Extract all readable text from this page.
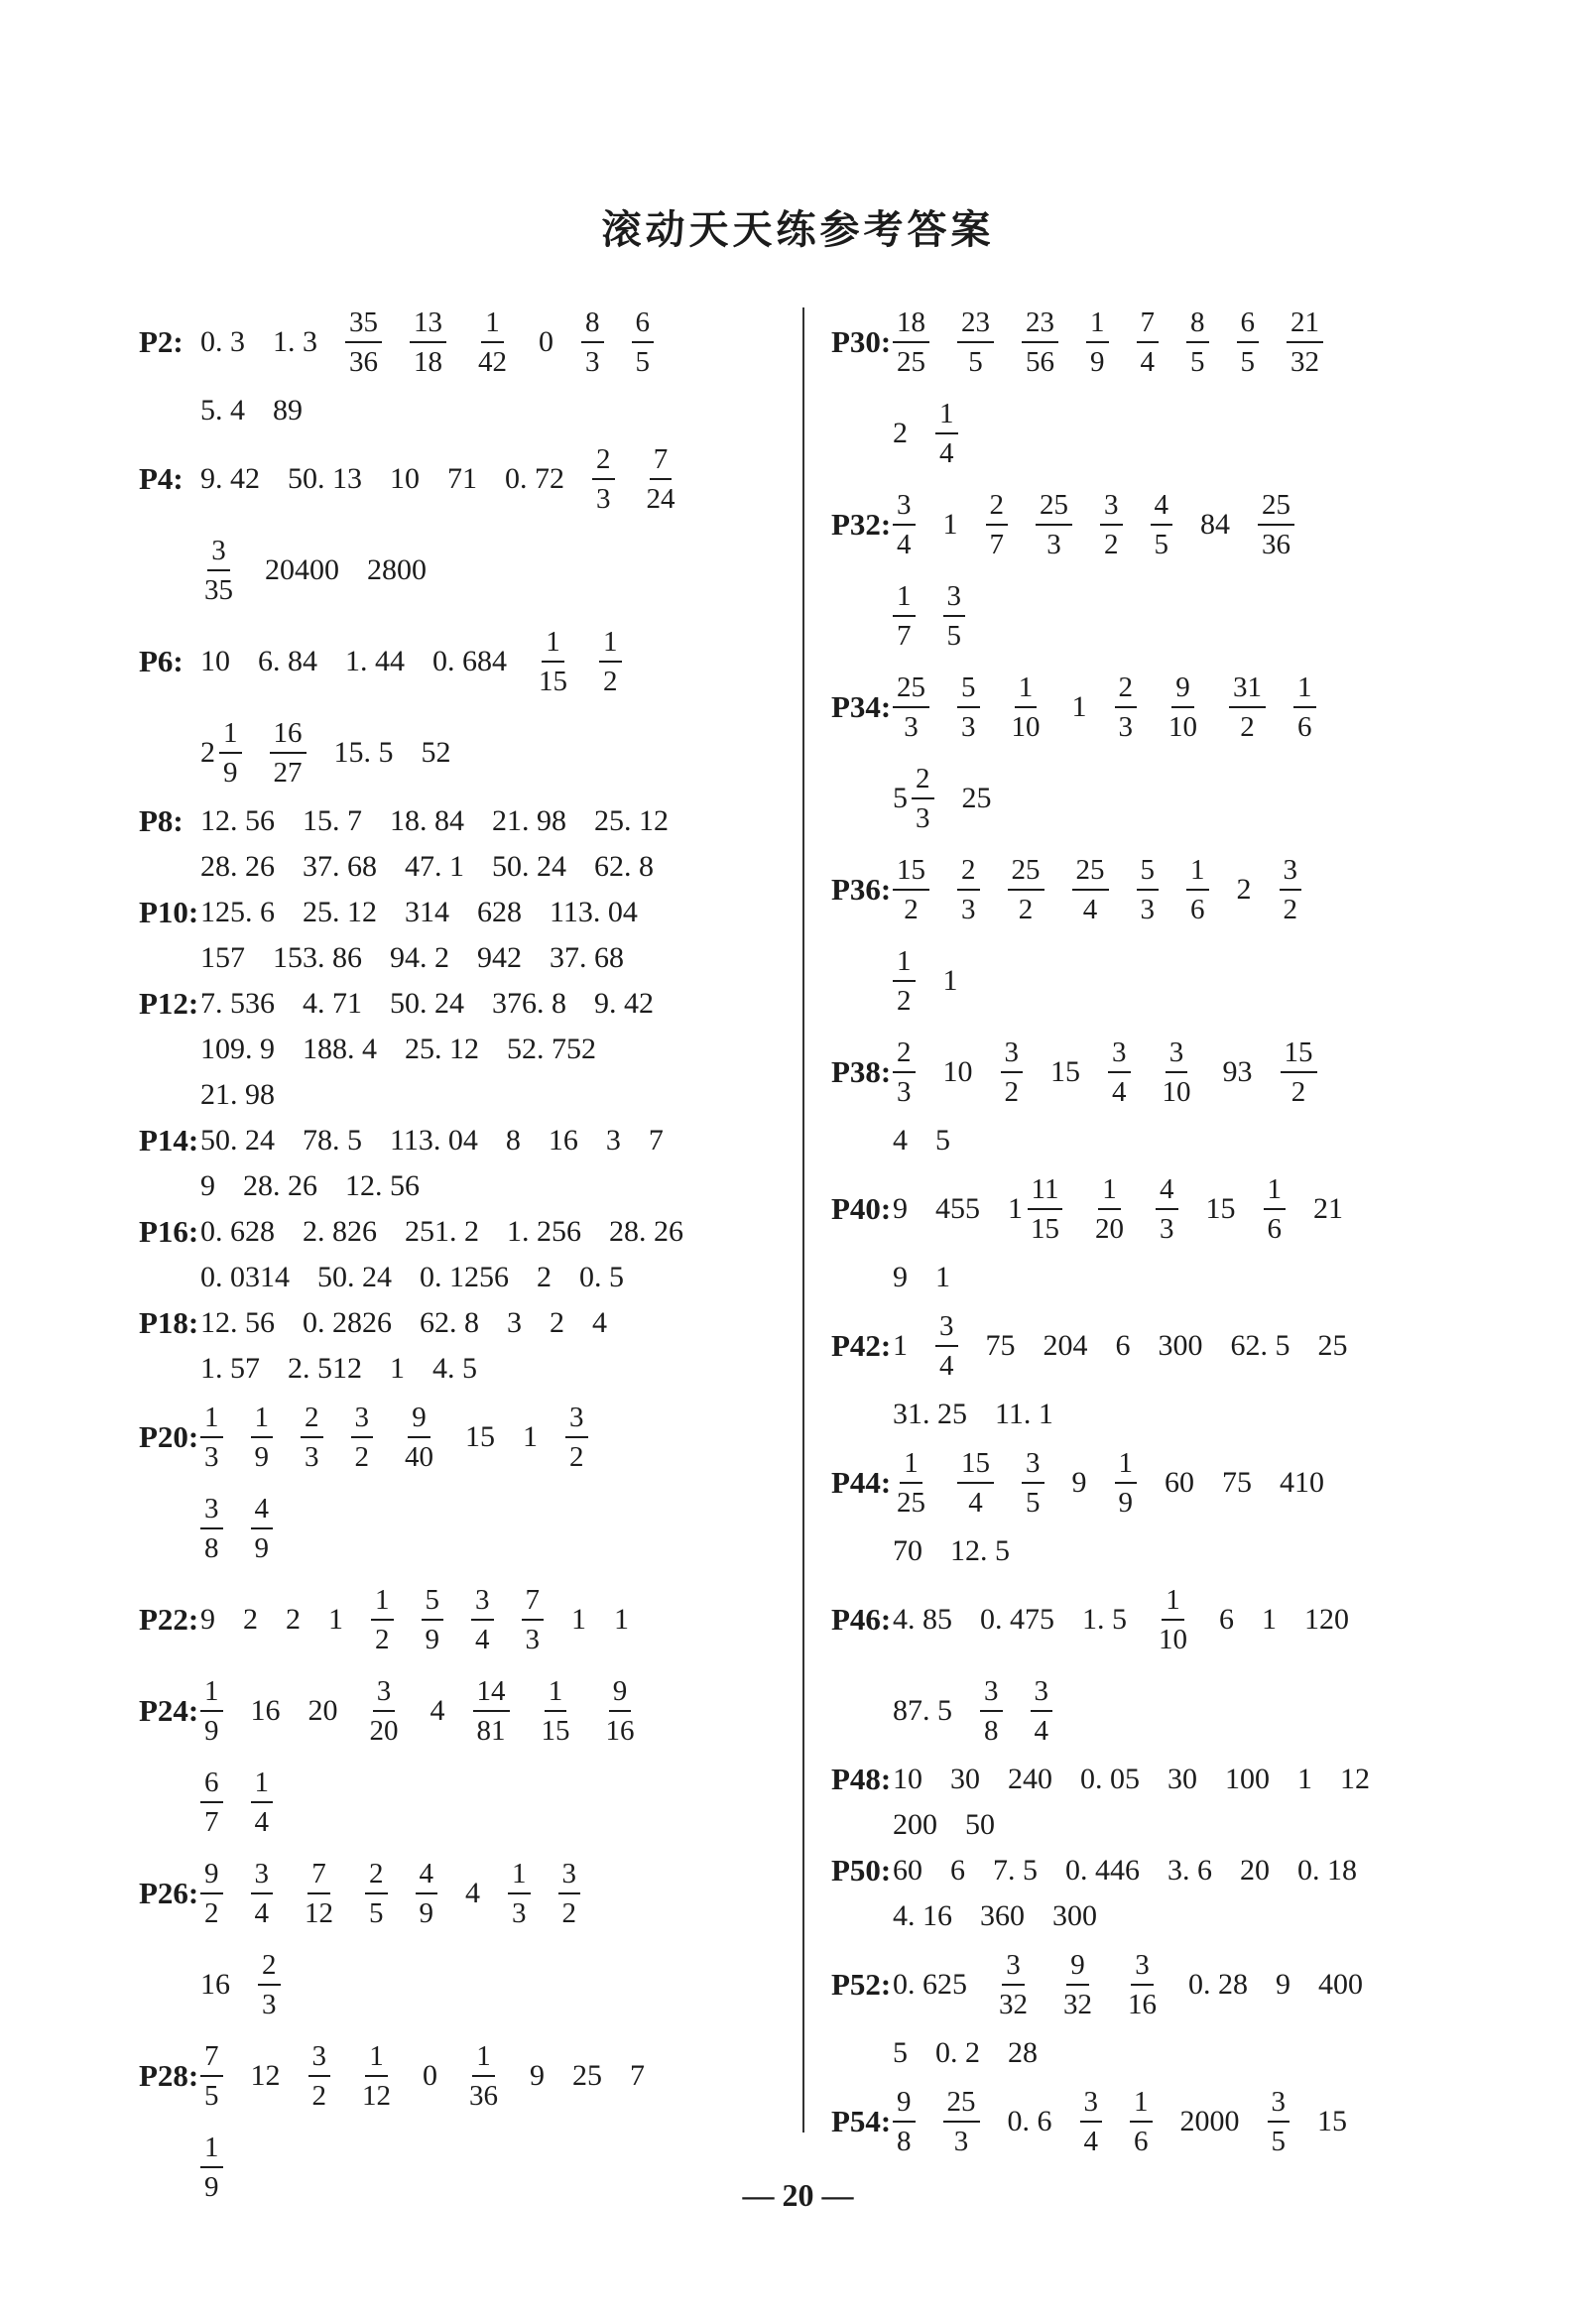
滚动天天练参考答案
P2: 0. 3 1. $3 \frac{35}{36} \frac{13}{18} \frac{1}{42} 0 \frac{8}{3} \frac{6}{5}$
5. 4 89
P4: 9. 42 50. 13 10 71 0. $72 \frac{2}{3} \frac{7}{24}$
$\frac{3}{35} 20400$ 2800
P6: 10 6. 84 1. 44 0. $684 \frac{1}{15} \frac{1}{2}$
$2 \frac{1}{9} \frac{16}{27} 15$. 5 52
P8: 12. 56 15. 7 18. 84 21. 98 25. 12
28. 26 37. 68 47. 1 50. 24 62. 8
P10: 125. 6 25. 12 314 628 113. 04
157 153. 86 94. 2 942 37. 68
P12: 7. 536 4. 71 50. 24 376. 8 9. 42
109. 9 188. 4 25. 12 52. 752
21. 98
P14: 50. 24 78. 5 113. 04 8 16 3 7
9 28. 26 12. 56
P16: 0. 628 2. 826 251. 2 1. 256 28. 26
0. 0314 50. 24 0. 1256 2 0. 5
P18: 12. 56 0. 2826 62. 8 3 2 4
1. 57 2. 512 1 4. 5
P20: $\frac{1}{3} \frac{1}{9} \frac{2}{3} \frac{3}{2} \frac{9}{40} 15$ $1 \frac{3}{2}$
$\frac{3}{8} \frac{4}{9}$
P22: 9 2 2 $1 \frac{1}{2} \frac{5}{9} \frac{3}{4} \frac{7}{3} 1$ 1
P24: $\frac{1}{9} 16$ $20 \frac{3}{20} 4 \frac{14}{81} \frac{1}{15} \frac{9}{16}$
$\frac{6}{7} \frac{1}{4}$
P26: $\frac{9}{2} \frac{3}{4} \frac{7}{12} \frac{2}{5} \frac{4}{9} 4 \frac{1}{3} \frac{3}{2}$
$16 \frac{2}{3}$
P28: $\frac{7}{5} 12 \frac{3}{2} \frac{1}{12} 0 \frac{1}{36} 9$ 25 7
$\frac{1}{9}$
P30: $\frac{18}{25} \frac{23}{5} \frac{23}{56} \frac{1}{9} \frac{7}{4} \frac{8}{5} \frac{6}{5} \frac{21}{32}$
$2 \frac{1}{4}$
P32: $\frac{3}{4} 1 \frac{2}{7} \frac{25}{3} \frac{3}{2} \frac{4}{5} 84 \frac{25}{36}$
$\frac{1}{7} \frac{3}{5}$
P34: $\frac{25}{3} \frac{5}{3} \frac{1}{10} 1 \frac{2}{3} \frac{9}{10} \frac{31}{2} \frac{1}{6}$
$5 \frac{2}{3} 25$
P36: $\frac{15}{2} \frac{2}{3} \frac{25}{2} \frac{25}{4} \frac{5}{3} \frac{1}{6} 2 \frac{3}{2}$
$\frac{1}{2} 1$
P38: $\frac{2}{3} 10 \frac{3}{2} 15 \frac{3}{4} \frac{3}{10} 93 \frac{15}{2}$
4 5
P40: 9 455 $1 \frac{11}{15} \frac{1}{20} \frac{4}{3} 15 \frac{1}{6} 21$
9 1
P42: $1 \frac{3}{4} 75$ 204 6 300 62. 5 25
31. 25 11. 1
P44: $\frac{1}{25} \frac{15}{4} \frac{3}{5} 9 \frac{1}{9} 60$ 75 410
70 12. 5
P46: 4. 85 0. 475 1. $5 \frac{1}{10} 6$ 1 120
87. $5 \frac{3}{8} \frac{3}{4}$
P48: 10 30 240 0. 05 30 100 1 12
200 50
P50: 60 6 7. 5 0. 446 3. 6 20 0. 18
4. 16 360 300
P52: 0. $625 \frac{3}{32} \frac{9}{32} \frac{3}{16} 0$. 28 9 400
5 0. 2 28
P54: $\frac{9}{8} \frac{25}{3} 0$. $6 \frac{3}{4} \frac{1}{6} 2000 \frac{3}{5} 15$
— 20 —
